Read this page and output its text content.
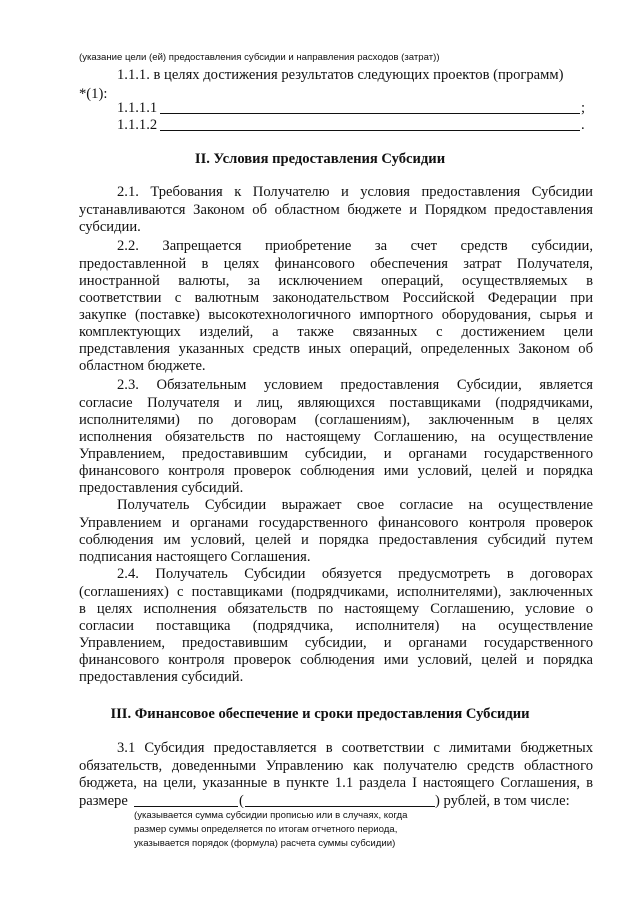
(указание цели (ей) предоставления субсидии и направления расходов (затрат))
1.1.1. в целях достижения результатов следующих проектов (программ)
*(1):
1.1.1.1	;
1.1.1.2	.
II. Условия предоставления Субсидии
2.1. Требования к Получателю и условия предоставления Субсидии
устанавливаются Законом об областном бюджете и Порядком предоставления
субсидии.
2.2. Запрещается приобретение за счет средств субсидии,
предоставленной в целях финансового обеспечения затрат Получателя,
иностранной валюты, за исключением операций, осуществляемых в
соответствии с валютным законодательством Российской Федерации при
закупке (поставке) высокотехнологичного импортного оборудования, сырья и
комплектующих изделий, а также связанных с достижением цели
представления указанных средств иных операций, определенных Законом об
областном бюджете.
2.3. Обязательным условием предоставления Субсидии, является
согласие Получателя и лиц, являющихся поставщиками (подрядчиками,
исполнителями) по договорам (соглашениям), заключенным в целях
исполнения обязательств по настоящему Соглашению, на осуществление
Управлением, предоставившим субсидии, и органами государственного
финансового контроля проверок соблюдения ими условий, целей и порядка
предоставления субсидий.
Получатель Субсидии выражает свое согласие на осуществление
Управлением и органами государственного финансового контроля проверок
соблюдения им условий, целей и порядка предоставления субсидий путем
подписания настоящего Соглашения.
2.4. Получатель Субсидии обязуется предусмотреть в договорах
(соглашениях) с поставщиками (подрядчиками, исполнителями), заключенных
в целях исполнения обязательств по настоящему Соглашению, условие о
согласии поставщика (подрядчика, исполнителя) на осуществление
Управлением, предоставившим субсидии, и органами государственного
финансового контроля проверок соблюдения ими условий, целей и порядка
предоставления субсидий.
III. Финансовое обеспечение и сроки предоставления Субсидии
3.1 Субсидия предоставляется в соответствии с лимитами бюджетных
обязательств, доведенными Управлению как получателю средств областного
бюджета, на цели, указанные в пункте 1.1 раздела I настоящего Соглашения, в
размере	(	) рублей, в том числе:
(указывается сумма субсидии прописью или в случаях, когда
размер суммы определяется по итогам отчетного периода,
указывается порядок (формула) расчета суммы субсидии)
